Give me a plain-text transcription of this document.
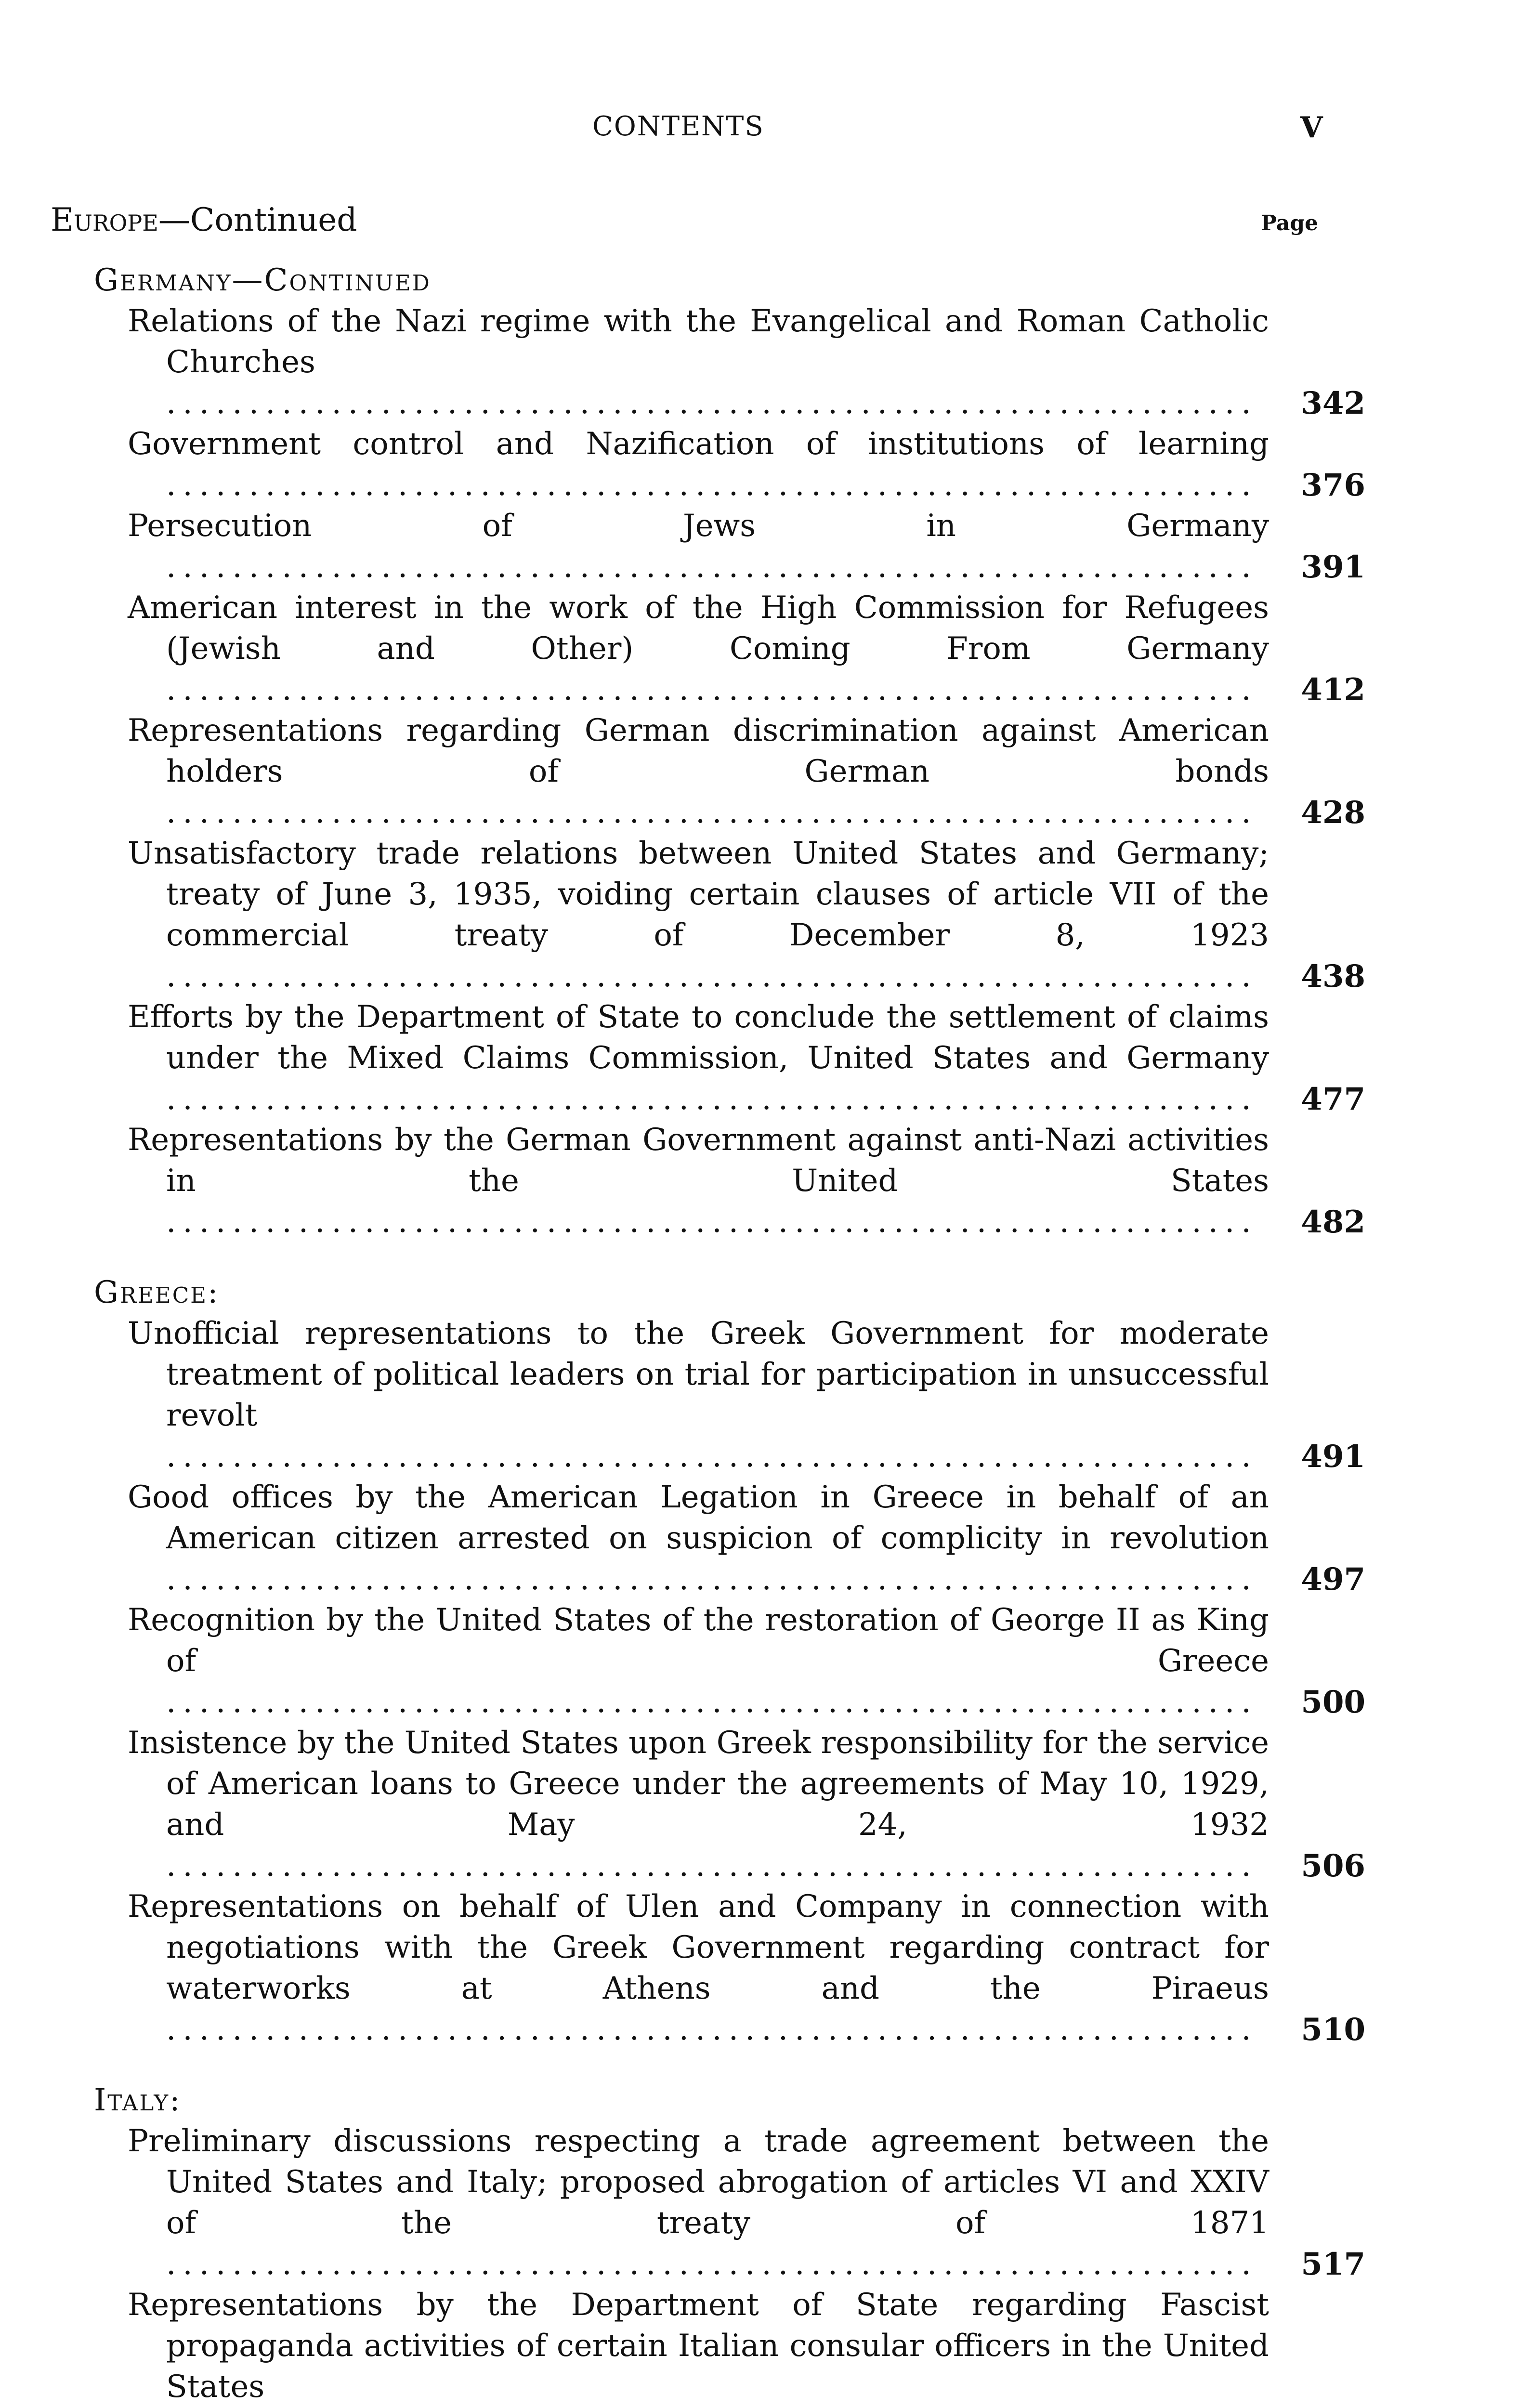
CONTENTS	V
Europe—Continued	Page
Germany—Continued
Relations of the Nazi regime with the Evangelical and Roman Catholic Churches .................................................................. 342
Government control and Nazification of institutions of learning .................................................................. 376
Persecution of Jews in Germany .................................................................. 391
American interest in the work of the High Commission for Refugees (Jewish and Other) Coming From Germany .................................................................. 412
Representations regarding German discrimination against American holders of German bonds .................................................................. 428
Unsatisfactory trade relations between United States and Germany; treaty of June 3, 1935, voiding certain clauses of article VII of the commercial treaty of December 8, 1923 .................................................................. 438
Efforts by the Department of State to conclude the settlement of claims under the Mixed Claims Commission, United States and Germany .................................................................. 477
Representations by the German Government against anti-Nazi activities in the United States .................................................................. 482
Greece:
Unofficial representations to the Greek Government for moderate treatment of political leaders on trial for participation in unsuccessful revolt .................................................................. 491
Good offices by the American Legation in Greece in behalf of an American citizen arrested on suspicion of complicity in revolution .................................................................. 497
Recognition by the United States of the restoration of George II as King of Greece .................................................................. 500
Insistence by the United States upon Greek responsibility for the service of American loans to Greece under the agreements of May 10, 1929, and May 24, 1932 .................................................................. 506
Representations on behalf of Ulen and Company in connection with negotiations with the Greek Government regarding contract for waterworks at Athens and the Piraeus .................................................................. 510
Italy:
Preliminary discussions respecting a trade agreement between the United States and Italy; proposed abrogation of articles VI and XXIV of the treaty of 1871 .................................................................. 517
Representations by the Department of State regarding Fascist propaganda activities of certain Italian consular officers in the United States
